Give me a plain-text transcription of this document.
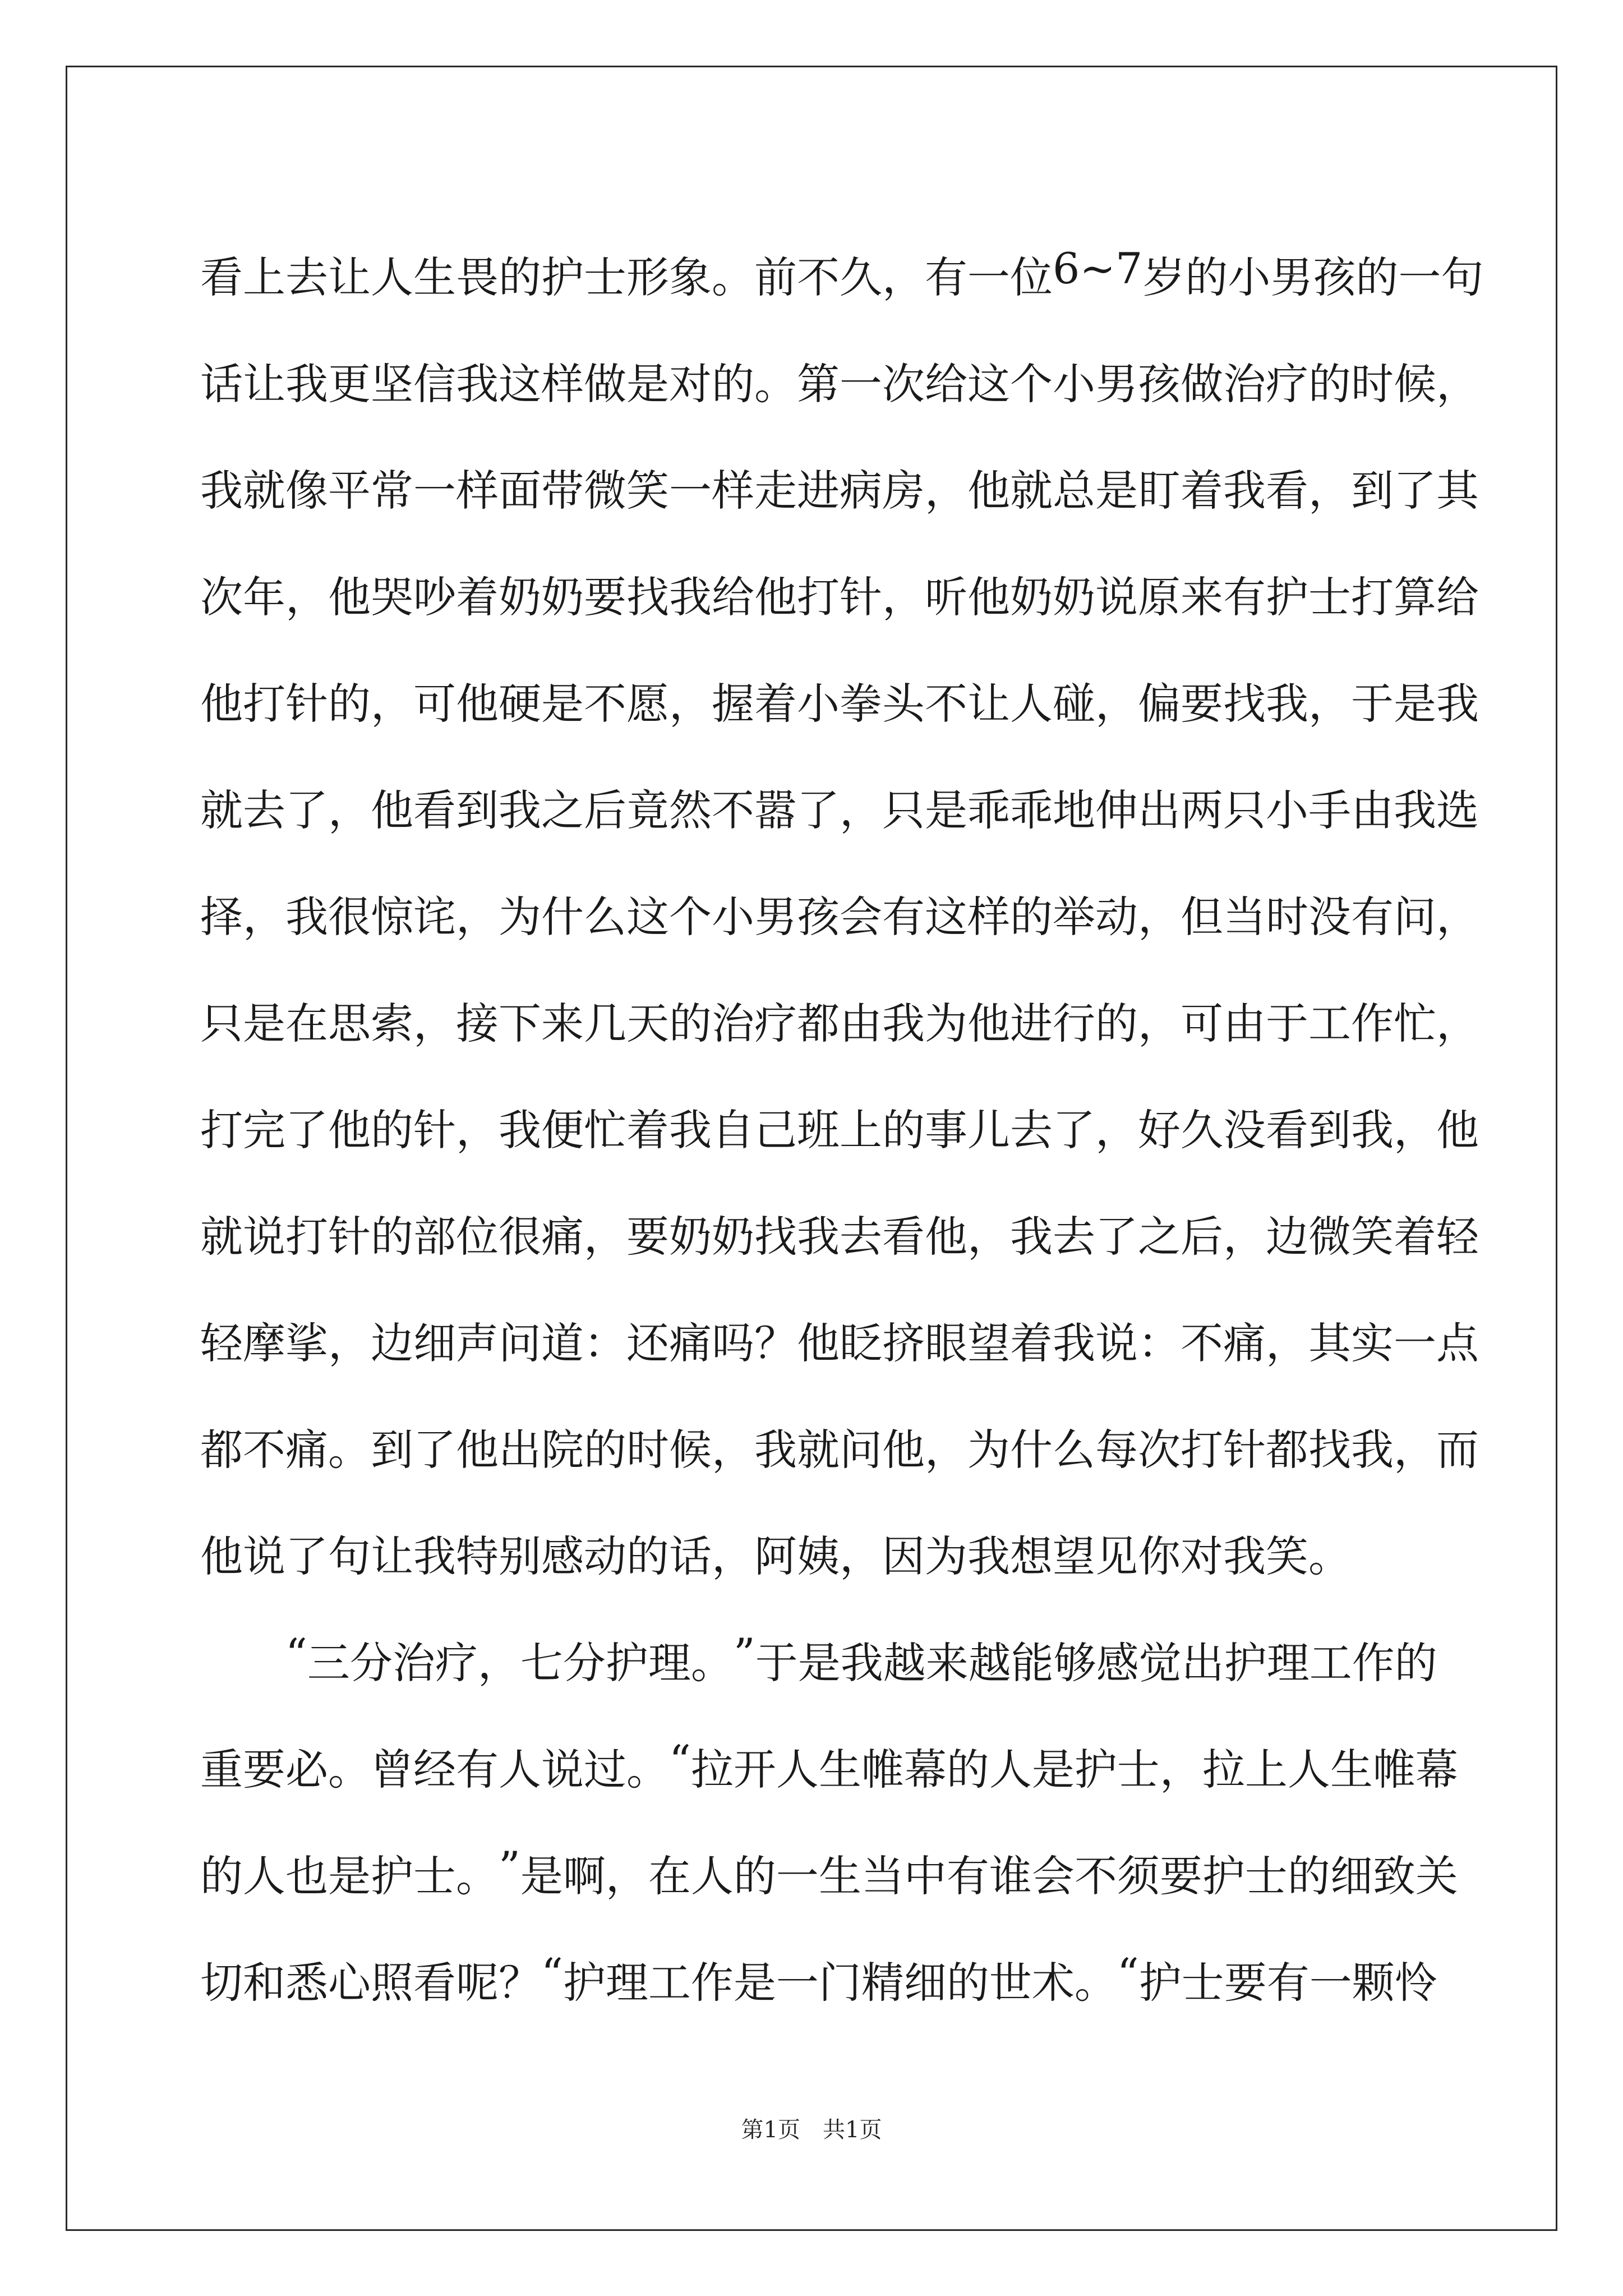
看 上 去 让 人 生 畏 的 护 士 形 象 。 前 不 久 ， 有 一 位 6 ~ 7 岁 的 小 男 孩 的 一 句
话 让 我 更 坚 信 我 这 样 做 是 对 的 。 第 一 次 给 这 个 小 男 孩 做 治 疗 的 时 候 ，
我 就 像 平 常 一 样 面 带 微 笑 一 样 走 进 病 房 ， 他 就 总 是 盯 着 我 看 ， 到 了 其
次 年 ， 他 哭 吵 着 奶 奶 要 找 我 给 他 打 针 ， 听 他 奶 奶 说 原 来 有 护 士 打 算 给
他 打 针 的 ， 可 他 硬 是 不 愿 ， 握 着 小 拳 头 不 让 人 碰 ， 偏 要 找 我 ， 于 是 我
就 去 了 ， 他 看 到 我 之 后 竟 然 不 嚣 了 ， 只 是 乖 乖 地 伸 出 两 只 小 手 由 我 选
择 ， 我 很 惊 诧 ， 为 什 么 这 个 小 男 孩 会 有 这 样 的 举 动 ， 但 当 时 没 有 问 ，
只 是 在 思 索 ， 接 下 来 几 天 的 治 疗 都 由 我 为 他 进 行 的 ， 可 由 于 工 作 忙 ，
打 完 了 他 的 针 ， 我 便 忙 着 我 自 己 班 上 的 事 儿 去 了 ， 好 久 没 看 到 我 ， 他
就 说 打 针 的 部 位 很 痛 ， 要 奶 奶 找 我 去 看 他 ， 我 去 了 之 后 ， 边 微 笑 着 轻
轻 摩 挲 ， 边 细 声 问 道 ： 还 痛 吗 ？ 他 眨 挤 眼 望 着 我 说 ： 不 痛 ， 其 实 一 点
都 不 痛 。 到 了 他 出 院 的 时 候 ， 我 就 问 他 ， 为 什 么 每 次 打 针 都 找 我 ， 而
他说了句让我特别感动的话，阿姨，因为我想望见你对我笑。

“ 三 分 治 疗 ， 七 分 护 理 。 ” 于 是 我 越 来 越 能 够 感 觉 出 护 理 工 作 的
重 要 必 。 曾 经 有 人 说 过 。 “ 拉 开 人 生 帷 幕 的 人 是 护 士 ， 拉 上 人 生 帷 幕
的 人 也 是 护 士 。 ” 是 啊 ， 在 人 的 一 生 当 中 有 谁 会 不 须 要 护 士 的 细 致 关
切 和 悉 心 照 看 呢 ？ “ 护 理 工 作 是 一 门 精 细 的 世 术 。 “ 护 士 要 有 一 颗 怜
第1页　共1页
